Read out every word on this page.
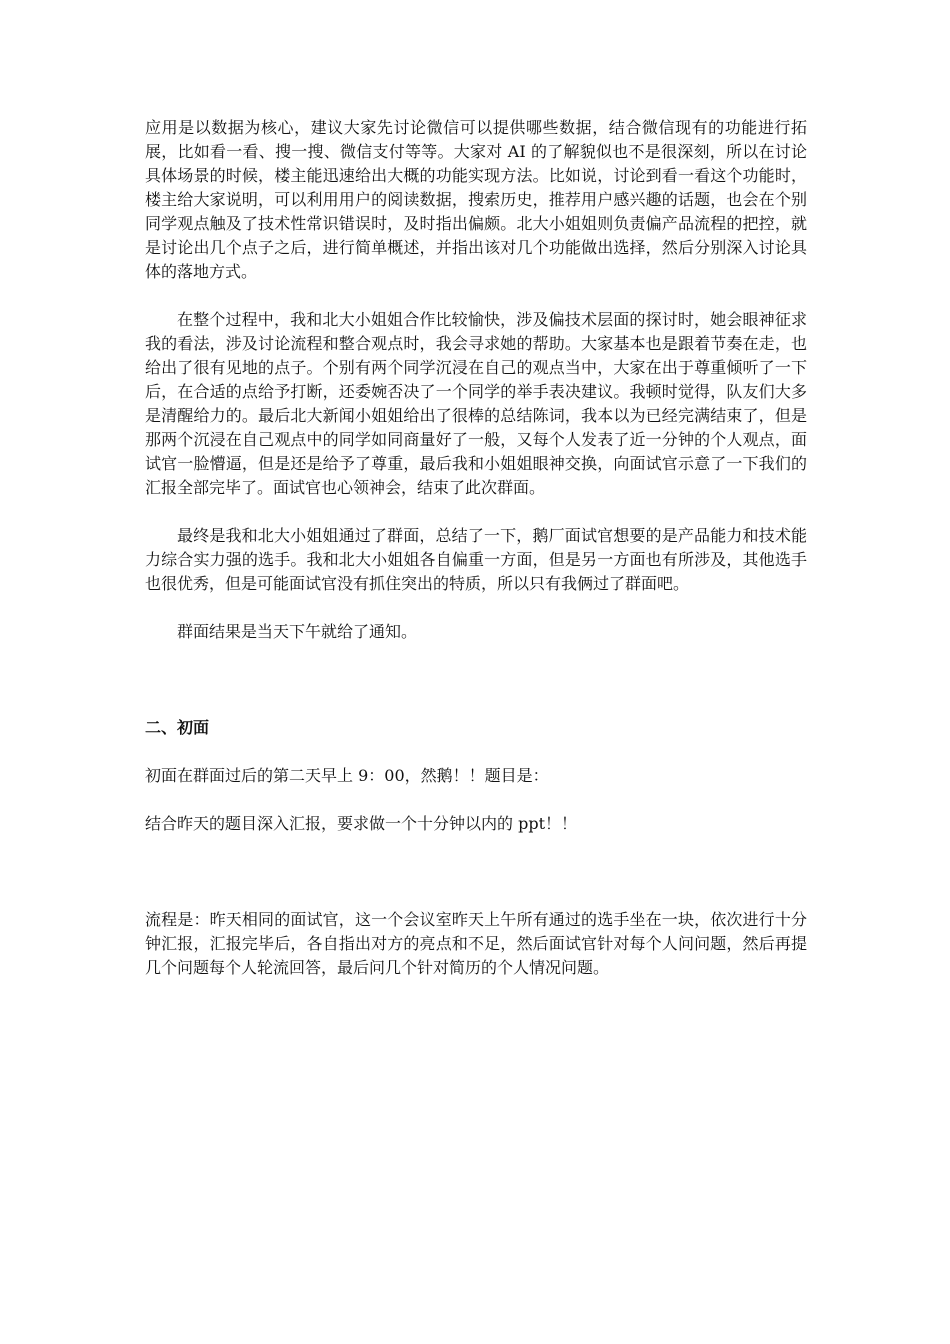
应用是以数据为核心，建议大家先讨论微信可以提供哪些数据，结合微信现有的功能进行拓展，比如看一看、搜一搜、微信支付等等。大家对 AI 的了解貌似也不是很深刻，所以在讨论具体场景的时候，楼主能迅速给出大概的功能实现方法。比如说，讨论到看一看这个功能时，楼主给大家说明，可以利用用户的阅读数据，搜索历史，推荐用户感兴趣的话题，也会在个别同学观点触及了技术性常识错误时，及时指出偏颇。北大小姐姐则负责偏产品流程的把控，就是讨论出几个点子之后，进行简单概述，并指出该对几个功能做出选择，然后分别深入讨论具体的落地方式。

在整个过程中，我和北大小姐姐合作比较愉快，涉及偏技术层面的探讨时，她会眼神征求我的看法，涉及讨论流程和整合观点时，我会寻求她的帮助。大家基本也是跟着节奏在走，也给出了很有见地的点子。个别有两个同学沉浸在自己的观点当中，大家在出于尊重倾听了一下后，在合适的点给予打断，还委婉否决了一个同学的举手表决建议。我顿时觉得，队友们大多是清醒给力的。最后北大新闻小姐姐给出了很棒的总结陈词，我本以为已经完满结束了，但是那两个沉浸在自己观点中的同学如同商量好了一般，又每个人发表了近一分钟的个人观点，面试官一脸懵逼，但是还是给予了尊重，最后我和小姐姐眼神交换，向面试官示意了一下我们的汇报全部完毕了。面试官也心领神会，结束了此次群面。

最终是我和北大小姐姐通过了群面，总结了一下，鹅厂面试官想要的是产品能力和技术能力综合实力强的选手。我和北大小姐姐各自偏重一方面，但是另一方面也有所涉及，其他选手也很优秀，但是可能面试官没有抓住突出的特质，所以只有我俩过了群面吧。

群面结果是当天下午就给了通知。

二、初面

初面在群面过后的第二天早上 9：00，然鹅！！题目是：

结合昨天的题目深入汇报，要求做一个十分钟以内的 ppt！！

流程是：昨天相同的面试官，这一个会议室昨天上午所有通过的选手坐在一块，依次进行十分钟汇报，汇报完毕后，各自指出对方的亮点和不足，然后面试官针对每个人问问题，然后再提几个问题每个人轮流回答，最后问几个针对简历的个人情况问题。
